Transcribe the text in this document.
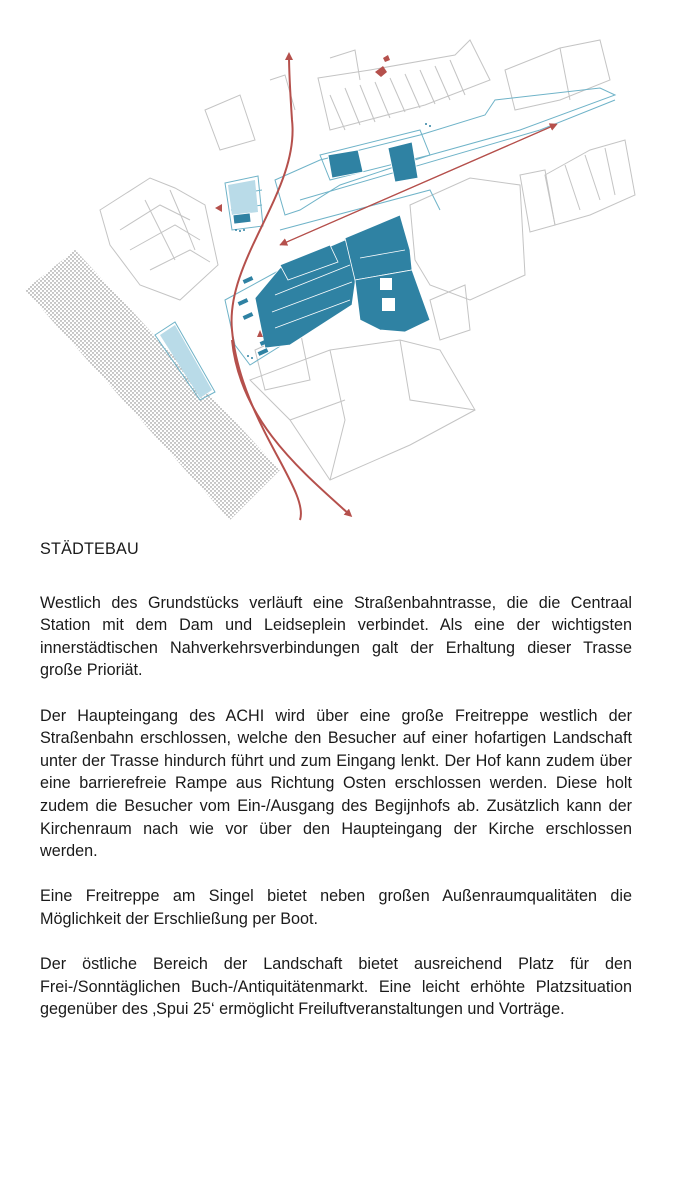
STÄDTEBAU

Westlich des Grundstücks verläuft eine Straßenbahntrasse, die die Centraal Station mit dem Dam und Leidseplein verbindet. Als eine der wichtigsten innerstädtischen Nahverkehrsverbindungen galt der Erhaltung dieser Trasse große Prioriät.

Der Haupteingang des ACHI wird über eine große Freitreppe westlich der Straßenbahn erschlossen, welche den Besucher auf einer hofartigen Landschaft unter der Trasse hindurch führt und zum Eingang lenkt. Der Hof kann zudem über eine barrierefreie Rampe aus Richtung Osten erschlossen werden. Diese holt zudem die Besucher vom Ein-/Ausgang des Begijnhofs ab. Zusätzlich kann der Kirchenraum nach wie vor über den Haupteingang der Kirche erschlossen werden.

Eine Freitreppe am Singel bietet neben großen Außenraumqualitäten die Möglichkeit der Erschließung per Boot.

Der östliche Bereich der Landschaft bietet ausreichend Platz für den Frei-/Sonntäglichen Buch-/Antiquitätenmarkt. Eine leicht erhöhte Platzsituation gegenüber des ‚Spui 25‘ ermöglicht Freiluftveranstaltungen und Vorträge.
